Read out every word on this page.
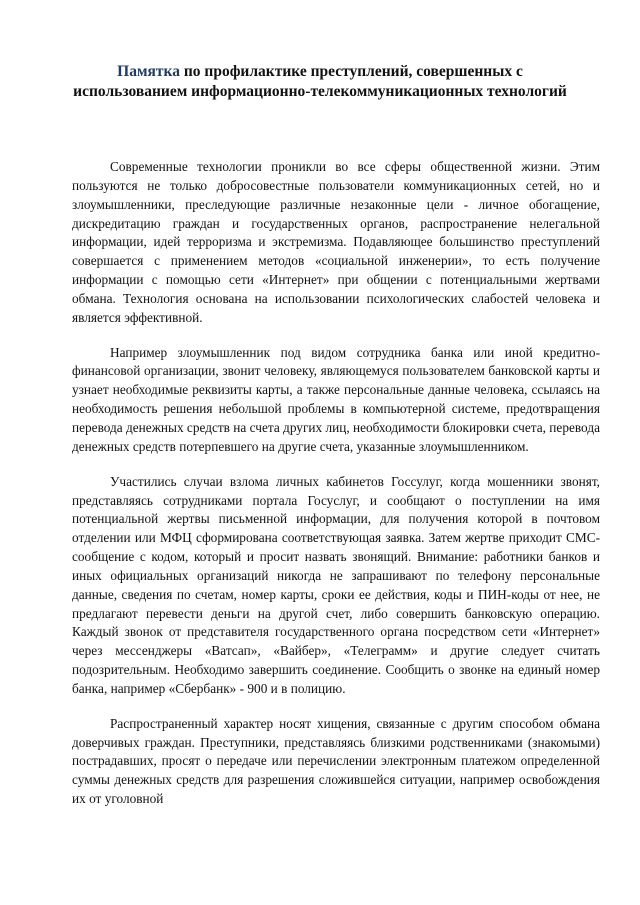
Памятка по профилактике преступлений, совершенных с использованием информационно-телекоммуникационных технологий

Современные технологии проникли во все сферы общественной жизни. Этим пользуются не только добросовестные пользователи коммуникационных сетей, но и злоумышленники, преследующие различные незаконные цели - личное обогащение, дискредитацию граждан и государственных органов, распространение нелегальной информации, идей терроризма и экстремизма. Подавляющее большинство преступлений совершается с применением методов «социальной инженерии», то есть получение информации с помощью сети «Интернет» при общении с потенциальными жертвами обмана. Технология основана на использовании психологических слабостей человека и является эффективной.

Например злоумышленник под видом сотрудника банка или иной кредитно-финансовой организации, звонит человеку, являющемуся пользователем банковской карты и узнает необходимые реквизиты карты, а также персональные данные человека, ссылаясь на необходимость решения небольшой проблемы в компьютерной системе, предотвращения перевода денежных средств на счета других лиц, необходимости блокировки счета, перевода денежных средств потерпевшего на другие счета, указанные злоумышленником.

Участились случаи взлома личных кабинетов Госсулуг, когда мошенники звонят, представляясь сотрудниками портала Госуслуг, и сообщают о поступлении на имя потенциальной жертвы письменной информации, для получения которой в почтовом отделении или МФЦ сформирована соответствующая заявка. Затем жертве приходит СМС-сообщение с кодом, который и просит назвать звонящий. Внимание: работники банков и иных официальных организаций никогда не запрашивают по телефону персональные данные, сведения по счетам, номер карты, сроки ее действия, коды и ПИН-коды от нее, не предлагают перевести деньги на другой счет, либо совершить банковскую операцию. Каждый звонок от представителя государственного органа посредством сети «Интернет» через мессенджеры «Ватсап», «Вайбер», «Телеграмм» и другие следует считать подозрительным. Необходимо завершить соединение. Сообщить о звонке на единый номер банка, например «Сбербанк» - 900 и в полицию.

Распространенный характер носят хищения, связанные с другим способом обмана доверчивых граждан. Преступники, представляясь близкими родственниками (знакомыми) пострадавших, просят о передаче или перечислении электронным платежом определенной суммы денежных средств для разрешения сложившейся ситуации, например освобождения их от уголовной
